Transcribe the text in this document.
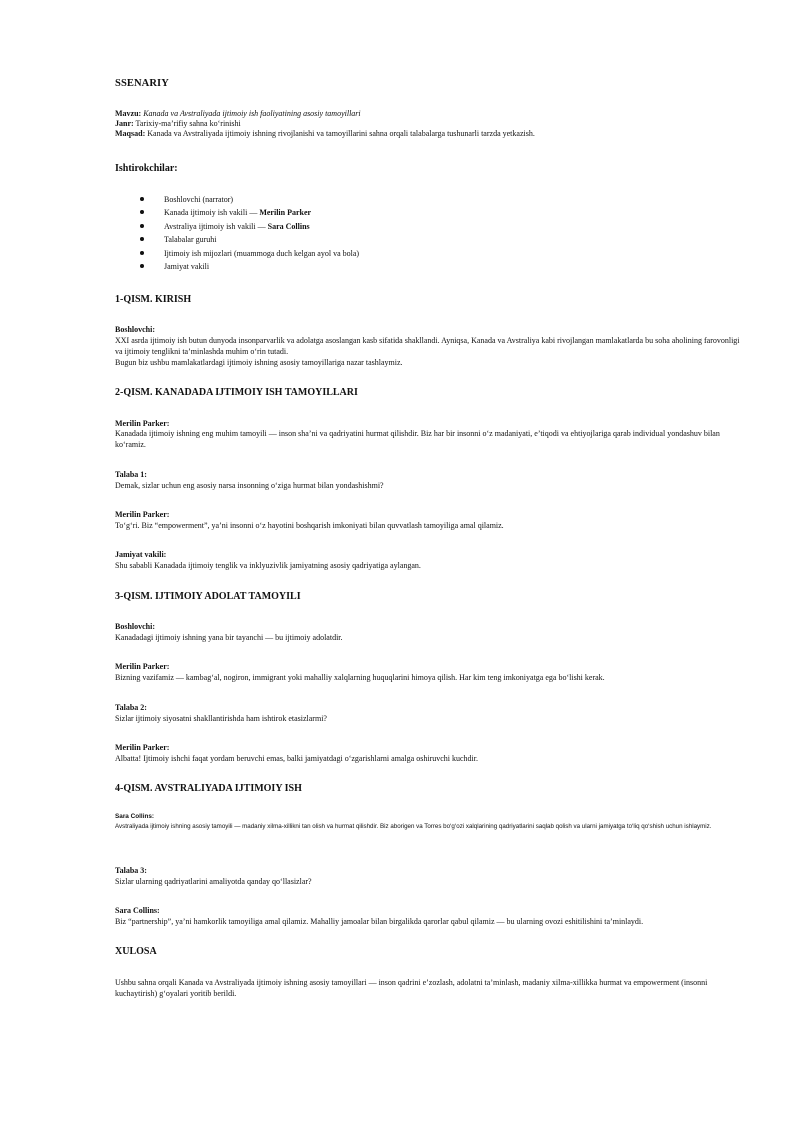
SSENARIY
Mavzu: Kanada va Avstraliyada ijtimoiy ish faoliyatining asosiy tamoyillari
Janr: Tarixiy-ma’rifiy sahna ko‘rinishi
Maqsad: Kanada va Avstraliyada ijtimoiy ishning rivojlanishi va tamoyillarini sahna orqali talabalarga tushunarli tarzda yetkazish.
Ishtirokchilar:
Boshlovchi (narrator)
Kanada ijtimoiy ish vakili — Merilin Parker
Avstraliya ijtimoiy ish vakili — Sara Collins
Talabalar guruhi
Ijtimoiy ish mijozlari (muammoga duch kelgan ayol va bola)
Jamiyat vakili
1-QISM. KIRISH
Boshlovchi:
XXI asrda ijtimoiy ish butun dunyoda insonparvarlik va adolatga asoslangan kasb sifatida shakllandi. Ayniqsa, Kanada va Avstraliya kabi rivojlangan mamlakatlarda bu soha aholining farovonligi va ijtimoiy tenglikni ta’minlashda muhim o‘rin tutadi.
Bugun biz ushbu mamlakatlardagi ijtimoiy ishning asosiy tamoyillariga nazar tashlaymiz.
2-QISM. KANADADA IJTIMOIY ISH TAMOYILLARI
Merilin Parker:
Kanadada ijtimoiy ishning eng muhim tamoyili — inson sha’ni va qadriyatini hurmat qilishdir. Biz har bir insonni o‘z madaniyati, e’tiqodi va ehtiyojlariga qarab individual yondashuv bilan ko‘ramiz.
Talaba 1:
Demak, sizlar uchun eng asosiy narsa insonning o‘ziga hurmat bilan yondashishmi?
Merilin Parker:
To‘g‘ri. Biz “empowerment”, ya’ni insonni o‘z hayotini boshqarish imkoniyati bilan quvvatlash tamoyiliga amal qilamiz.
Jamiyat vakili:
Shu sababli Kanadada ijtimoiy tenglik va inklyuzivlik jamiyatning asosiy qadriyatiga aylangan.
3-QISM. IJTIMOIY ADOLAT TAMOYILI
Boshlovchi:
Kanadadagi ijtimoiy ishning yana bir tayanchi — bu ijtimoiy adolatdir.
Merilin Parker:
Bizning vazifamiz — kambag‘al, nogiron, immigrant yoki mahalliy xalqlarning huquqlarini himoya qilish. Har kim teng imkoniyatga ega bo‘lishi kerak.
Talaba 2:
Sizlar ijtimoiy siyosatni shakllantirishda ham ishtirok etasizlarmi?
Merilin Parker:
Albatta! Ijtimoiy ishchi faqat yordam beruvchi emas, balki jamiyatdagi o‘zgarishlarni amalga oshiruvchi kuchdir.
4-QISM. AVSTRALIYADA IJTIMOIY ISH
Sara Collins:
Avstraliyada ijtimoiy ishning asosiy tamoyili — madaniy xilma-xillikni tan olish va hurmat qilishdir. Biz aborigen va Torres bo‘g‘ozi xalqlarining qadriyatlarini saqlab qolish va ularni jamiyatga to‘liq qo‘shish uchun ishlaymiz.
Talaba 3:
Sizlar ularning qadriyatlarini amaliyotda qanday qo‘llasizlar?
Sara Collins:
Biz “partnership”, ya’ni hamkorlik tamoyiliga amal qilamiz. Mahalliy jamoalar bilan birgalikda qarorlar qabul qilamiz — bu ularning ovozi eshitilishini ta’minlaydi.
XULOSA
Ushbu sahna orqali Kanada va Avstraliyada ijtimoiy ishning asosiy tamoyillari — inson qadrini e’zozlash, adolatni ta’minlash, madaniy xilma-xillikka hurmat va empowerment (insonni kuchaytirish) g‘oyalari yoritib berildi.
